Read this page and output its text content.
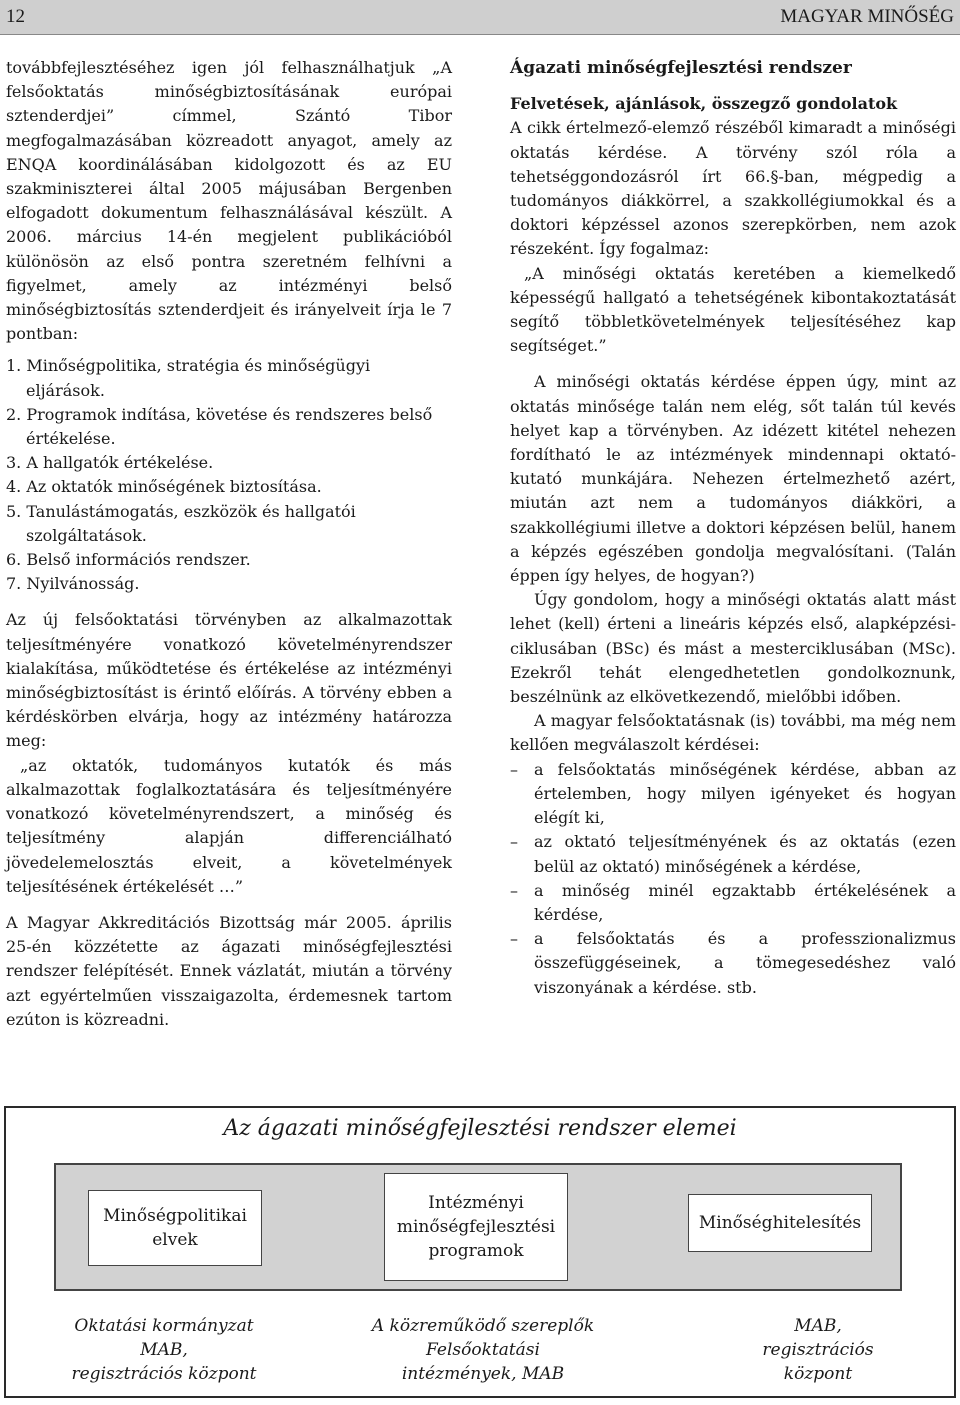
12	MAGYAR MINŐSÉG

továbbfejlesztéséhez igen jól felhasználhatjuk „A felsőoktatás minőségbiztosításának európai sztenderdjei” címmel, Szántó Tibor megfogalmazásában közreadott anyagot, amely az ENQA koordinálásában kidolgozott és az EU szakminiszterei által 2005 májusában Bergenben elfogadott dokumentum felhasználásával készült. A 2006. március 14-én megjelent publikációból különösön az első pontra szeretném felhívni a figyelmet, amely az intézményi belső minőségbiztosítás sztenderdjeit és irányelveit írja le 7 pontban:

1. Minőségpolitika, stratégia és minőségügyi eljárások.
2. Programok indítása, követése és rendszeres belső értékelése.
3. A hallgatók értékelése.
4. Az oktatók minőségének biztosítása.
5. Tanulástámogatás, eszközök és hallgatói szolgáltatások.
6. Belső információs rendszer.
7. Nyilvánosság.

Az új felsőoktatási törvényben az alkalmazottak teljesítményére vonatkozó követelményrendszer kialakítása, működtetése és értékelése az intézményi minőségbiztosítást is érintő előírás. A törvény ebben a kérdéskörben elvárja, hogy az intézmény határozza meg:

„az oktatók, tudományos kutatók és más alkalmazottak foglalkoztatására és teljesítményére vonatkozó követelményrendszert, a minőség és teljesítmény alapján differenciálható jövedelemelosztás elveit, a követelmények teljesítésének értékelését …”

A Magyar Akkreditációs Bizottság már 2005. április 25-én közzétette az ágazati minőségfejlesztési rendszer felépítését. Ennek vázlatát, miután a törvény azt egyértelműen visszaigazolta, érdemesnek tartom ezúton is közreadni.

Ágazati minőségfejlesztési rendszer

Felvetések, ajánlások, összegző gondolatok

A cikk értelmező-elemző részéből kimaradt a minőségi oktatás kérdése. A törvény szól róla a tehetséggondozásról írt 66.§-ban, mégpedig a tudományos diákkörrel, a szakkollégiumokkal és a doktori képzéssel azonos szerepkörben, nem azok részeként. Így fogalmaz:

„A minőségi oktatás keretében a kiemelkedő képességű hallgató a tehetségének kibontakoztatását segítő többletkövetelmények teljesítéséhez kap segítséget.”

A minőségi oktatás kérdése éppen úgy, mint az oktatás minősége talán nem elég, sőt talán túl kevés helyet kap a törvényben. Az idézett kitétel nehezen fordítható le az intézmények mindennapi oktató-kutató munkájára. Nehezen értelmezhető azért, miután azt nem a tudományos diákköri, a szakkollégiumi illetve a doktori képzésen belül, hanem a képzés egészében gondolja megvalósítani. (Talán éppen így helyes, de hogyan?)

Úgy gondolom, hogy a minőségi oktatás alatt mást lehet (kell) érteni a lineáris képzés első, alapképzési-ciklusában (BSc) és mást a mesterciklusában (MSc). Ezekről tehát elengedhetetlen gondolkoznunk, beszélnünk az elkövetkezendő, mielőbbi időben.

A magyar felsőoktatásnak (is) további, ma még nem kellően megválaszolt kérdései:

– a felsőoktatás minőségének kérdése, abban az értelemben, hogy milyen igényeket és hogyan elégít ki,
– az oktató teljesítményének és az oktatás (ezen belül az oktató) minőségének a kérdése,
– a minőség minél egzaktabb értékelésének a kérdése,
– a felsőoktatás és a professzionalizmus összefüggéseinek, a tömegesedéshez való viszonyának a kérdése. stb.
Az ágazati minőségfejlesztési rendszer elemei
Minőségpolitikai
elvek
Intézményi
minőségfejlesztési
programok
Minőséghitelesítés
Oktatási kormányzat
MAB,
regisztrációs központ
A közreműködő szereplők
Felsőoktatási
intézmények, MAB
MAB,
regisztrációs
központ
